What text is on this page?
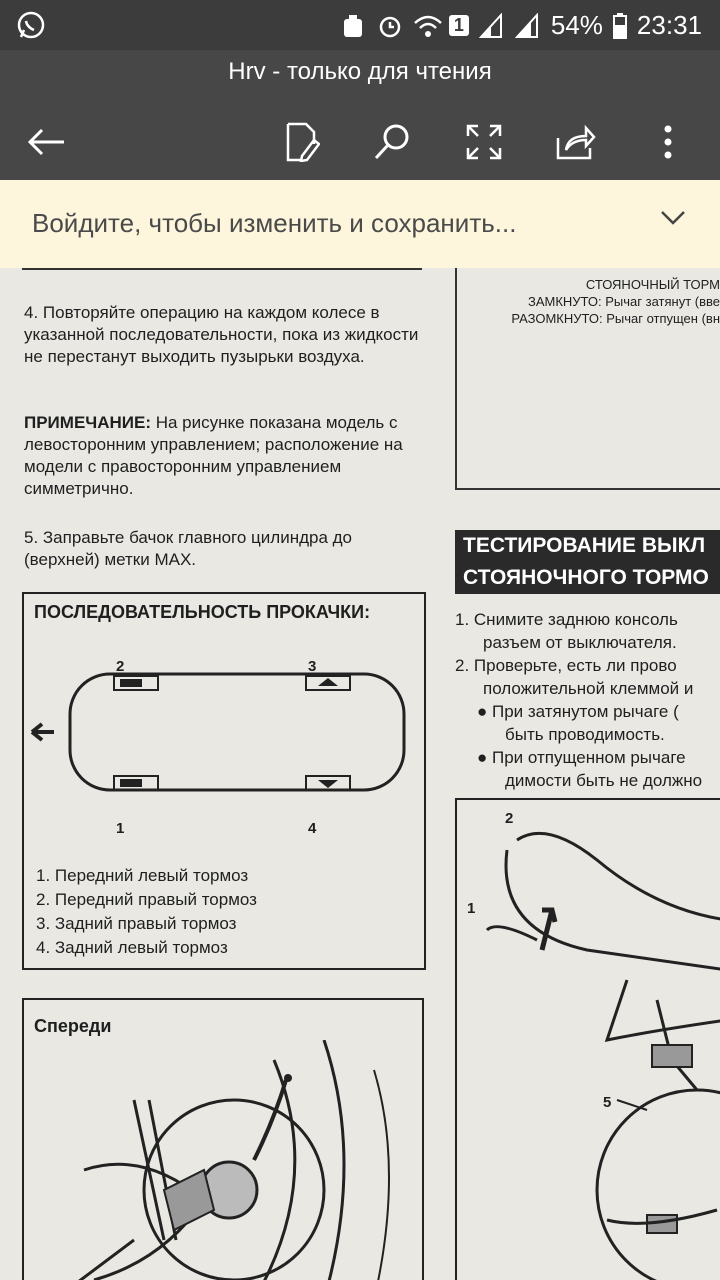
1	54% 23:31
Hrv - только для чтения
Войдите, чтобы изменить и сохранить...
СТОЯНОЧНЫЙ ТОРМ
ЗАМКНУТО: Рычаг затянут (вве
РАЗОМКНУТО: Рычаг отпущен (вн
4. Повторяйте операцию на каждом колесе в указанной последовательности, пока из жидкости не перестанут выходить пузырьки воздуха.
ПРИМЕЧАНИЕ: На рисунке показана модель с левосторонним управлением; расположение на модели с правосторонним управлением симметрично.
5. Заправьте бачок главного цилиндра до (верхней) метки MAX.
ПОСЛЕДОВАТЕЛЬНОСТЬ ПРОКАЧКИ:
2	3
1	4
1. Передний левый тормоз
2. Передний правый тормоз
3. Задний правый тормоз
4. Задний левый тормоз
Спереди
ТЕСТИРОВАНИЕ ВЫКЛ
СТОЯНОЧНОГО ТОРМО
1. Снимите заднюю консоль
разъем от выключателя.
2. Проверьте, есть ли прово
положительной клеммой и
● При затянутом рычаге (
быть проводимость.
● При отпущенном рычаге
димости быть не должно
2
1
5
